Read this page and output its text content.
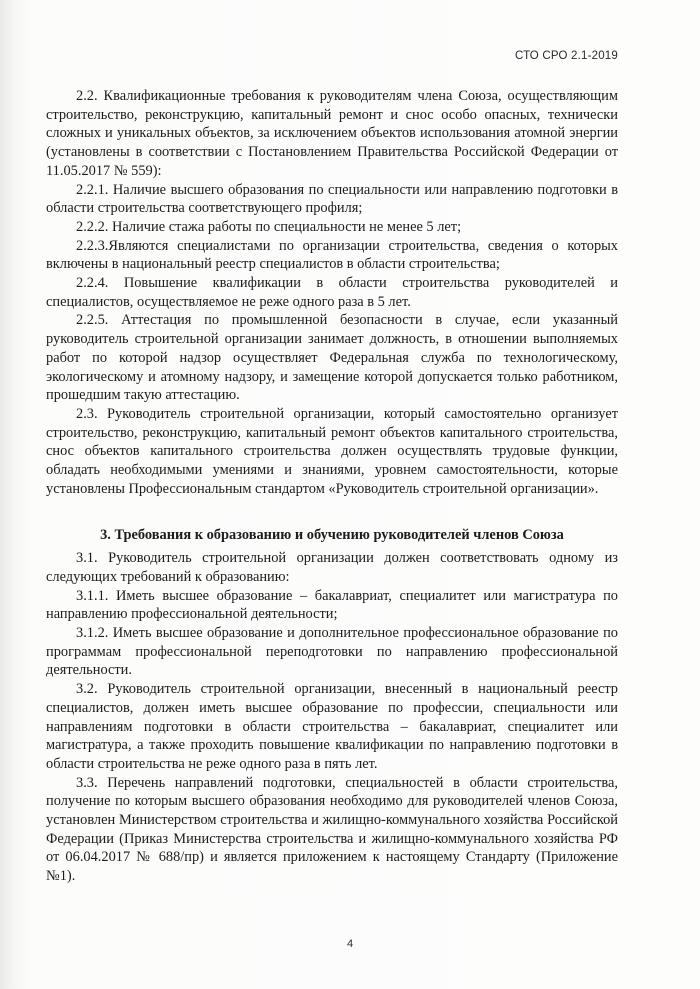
СТО СРО 2.1-2019

2.2. Квалификационные требования к руководителям члена Союза, осуществляющим строительство, реконструкцию, капитальный ремонт и снос особо опасных, технически сложных и уникальных объектов, за исключением объектов использования атомной энергии (установлены в соответствии с Постановлением Правительства Российской Федерации от 11.05.2017 № 559):

2.2.1. Наличие высшего образования по специальности или направлению подготовки в области строительства соответствующего профиля;

2.2.2. Наличие стажа работы по специальности не менее 5 лет;

2.2.3.Являются специалистами по организации строительства, сведения о которых включены в национальный реестр специалистов в области строительства;

2.2.4. Повышение квалификации в области строительства руководителей и специалистов, осуществляемое не реже одного раза в 5 лет.

2.2.5. Аттестация по промышленной безопасности в случае, если указанный руководитель строительной организации занимает должность, в отношении выполняемых работ по которой надзор осуществляет Федеральная служба по технологическому, экологическому и атомному надзору, и замещение которой допускается только работником, прошедшим такую аттестацию.

2.3. Руководитель строительной организации, который самостоятельно организует строительство, реконструкцию, капитальный ремонт объектов капитального строительства, снос объектов капитального строительства должен осуществлять трудовые функции, обладать необходимыми умениями и знаниями, уровнем самостоятельности, которые установлены Профессиональным стандартом «Руководитель строительной организации».

3. Требования к образованию и обучению руководителей членов Союза

3.1. Руководитель строительной организации должен соответствовать одному из следующих требований к образованию:

3.1.1. Иметь высшее образование – бакалавриат, специалитет или магистратура по направлению профессиональной деятельности;

3.1.2. Иметь высшее образование и дополнительное профессиональное образование по программам профессиональной переподготовки по направлению профессиональной деятельности.

3.2. Руководитель строительной организации, внесенный в национальный реестр специалистов, должен иметь высшее образование по профессии, специальности или направлениям подготовки в области строительства – бакалавриат, специалитет или магистратура, а также проходить повышение квалификации по направлению подготовки в области строительства не реже одного раза в пять лет.

3.3. Перечень направлений подготовки, специальностей в области строительства, получение по которым высшего образования необходимо для руководителей членов Союза, установлен Министерством строительства и жилищно-коммунального хозяйства Российской Федерации (Приказ Министерства строительства и жилищно-коммунального хозяйства РФ от 06.04.2017 № 688/пр) и является приложением к настоящему Стандарту (Приложение №1).

4
